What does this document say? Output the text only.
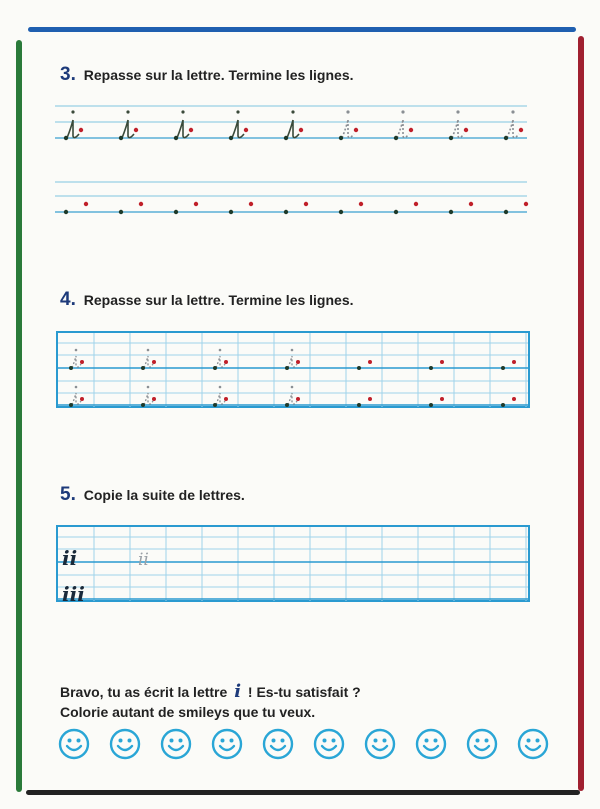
3. Repasse sur la lettre. Termine les lignes.
4. Repasse sur la lettre. Termine les lignes.
5. Copie la suite de lettres.
ii	ii
iii
Bravo, tu as écrit la lettre i ! Es-tu satisfait ?
Colorie autant de smileys que tu veux.
